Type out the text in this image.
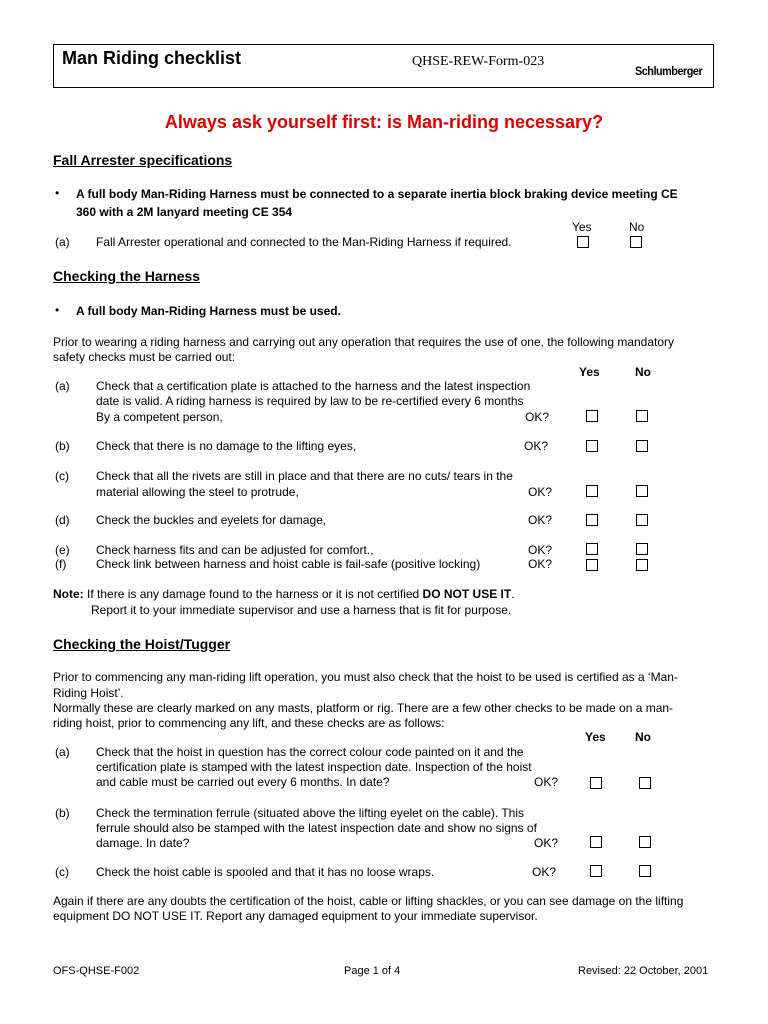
Man Riding checklist	QHSE-REW-Form-023
Schlumberger
Always ask yourself first: is Man-riding necessary?
Fall Arrester specifications
• A full body Man-Riding Harness must be connected to a separate inertia block braking device meeting CE
360 with a 2M lanyard meeting CE 354
Yes	No
(a) Fall Arrester operational and connected to the Man-Riding Harness if required.
Checking the Harness
• A full body Man-Riding Harness must be used.
Prior to wearing a riding harness and carrying out any operation that requires the use of one, the following mandatory
safety checks must be carried out:
Yes	No
(a) Check that a certification plate is attached to the harness and the latest inspection
date is valid. A riding harness is required by law to be re-certified every 6 months
By a competent person,	OK?
(b) Check that there is no damage to the lifting eyes,	OK?
(c) Check that all the rivets are still in place and that there are no cuts/ tears in the
material allowing the steel to protrude,	OK?
(d) Check the buckles and eyelets for damage,	OK?
(e) Check harness fits and can be adjusted for comfort.,	OK?
(f) Check link between harness and hoist cable is fail-safe (positive locking)	OK?
Note: If there is any damage found to the harness or it is not certified DO NOT USE IT.
Report it to your immediate supervisor and use a harness that is fit for purpose.
Checking the Hoist/Tugger
Prior to commencing any man-riding lift operation, you must also check that the hoist to be used is certified as a ‘Man-
Riding Hoist’.
Normally these are clearly marked on any masts, platform or rig. There are a few other checks to be made on a man-
riding hoist, prior to commencing any lift, and these checks are as follows:
Yes No
(a) Check that the hoist in question has the correct colour code painted on it and the
certification plate is stamped with the latest inspection date. Inspection of the hoist
and cable must be carried out every 6 months. In date?	OK?
(b) Check the termination ferrule (situated above the lifting eyelet on the cable). This
ferrule should also be stamped with the latest inspection date and show no signs of
damage. In date?	OK?
(c) Check the hoist cable is spooled and that it has no loose wraps.	OK?
Again if there are any doubts the certification of the hoist, cable or lifting shackles, or you can see damage on the lifting
equipment DO NOT USE IT. Report any damaged equipment to your immediate supervisor.
OFS-QHSE-F002	Page 1 of 4	Revised: 22 October, 2001
